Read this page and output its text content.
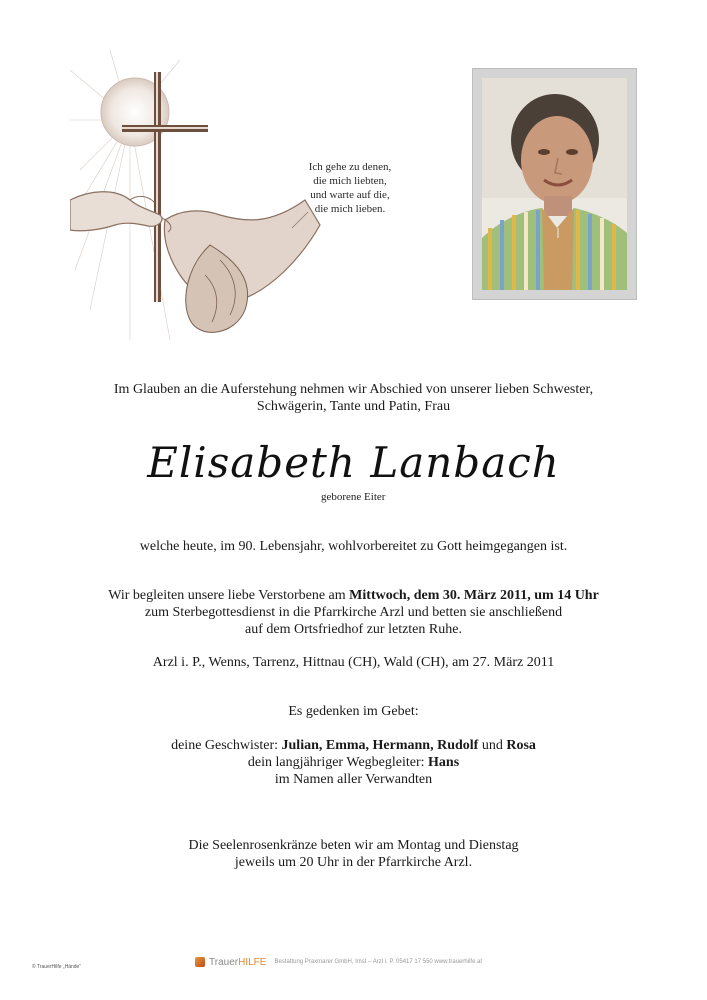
Ich gehe zu denen,
die mich liebten,
und warte auf die,
die mich lieben.
Im Glauben an die Auferstehung nehmen wir Abschied von unserer lieben Schwester,
Schwägerin, Tante und Patin, Frau
Elisabeth Lanbach
geborene Eiter
welche heute, im 90. Lebensjahr, wohlvorbereitet zu Gott heimgegangen ist.
Wir begleiten unsere liebe Verstorbene am Mittwoch, dem 30. März 2011, um 14 Uhr
zum Sterbegottesdienst in die Pfarrkirche Arzl und betten sie anschließend
auf dem Ortsfriedhof zur letzten Ruhe.
Arzl i. P., Wenns, Tarrenz, Hittnau (CH), Wald (CH), am 27. März 2011
Es gedenken im Gebet:
deine Geschwister: Julian, Emma, Hermann, Rudolf und Rosa
dein langjähriger Wegbegleiter: Hans
im Namen aller Verwandten
Die Seelenrosenkränze beten wir am Montag und Dienstag
jeweils um 20 Uhr in der Pfarrkirche Arzl.
© TrauerHilfe „Hände“	TrauerHILFE Bestattung Praxmarer GmbH, Imst – Arzl i. P. 05417 17 550 www.trauerhilfe.at
